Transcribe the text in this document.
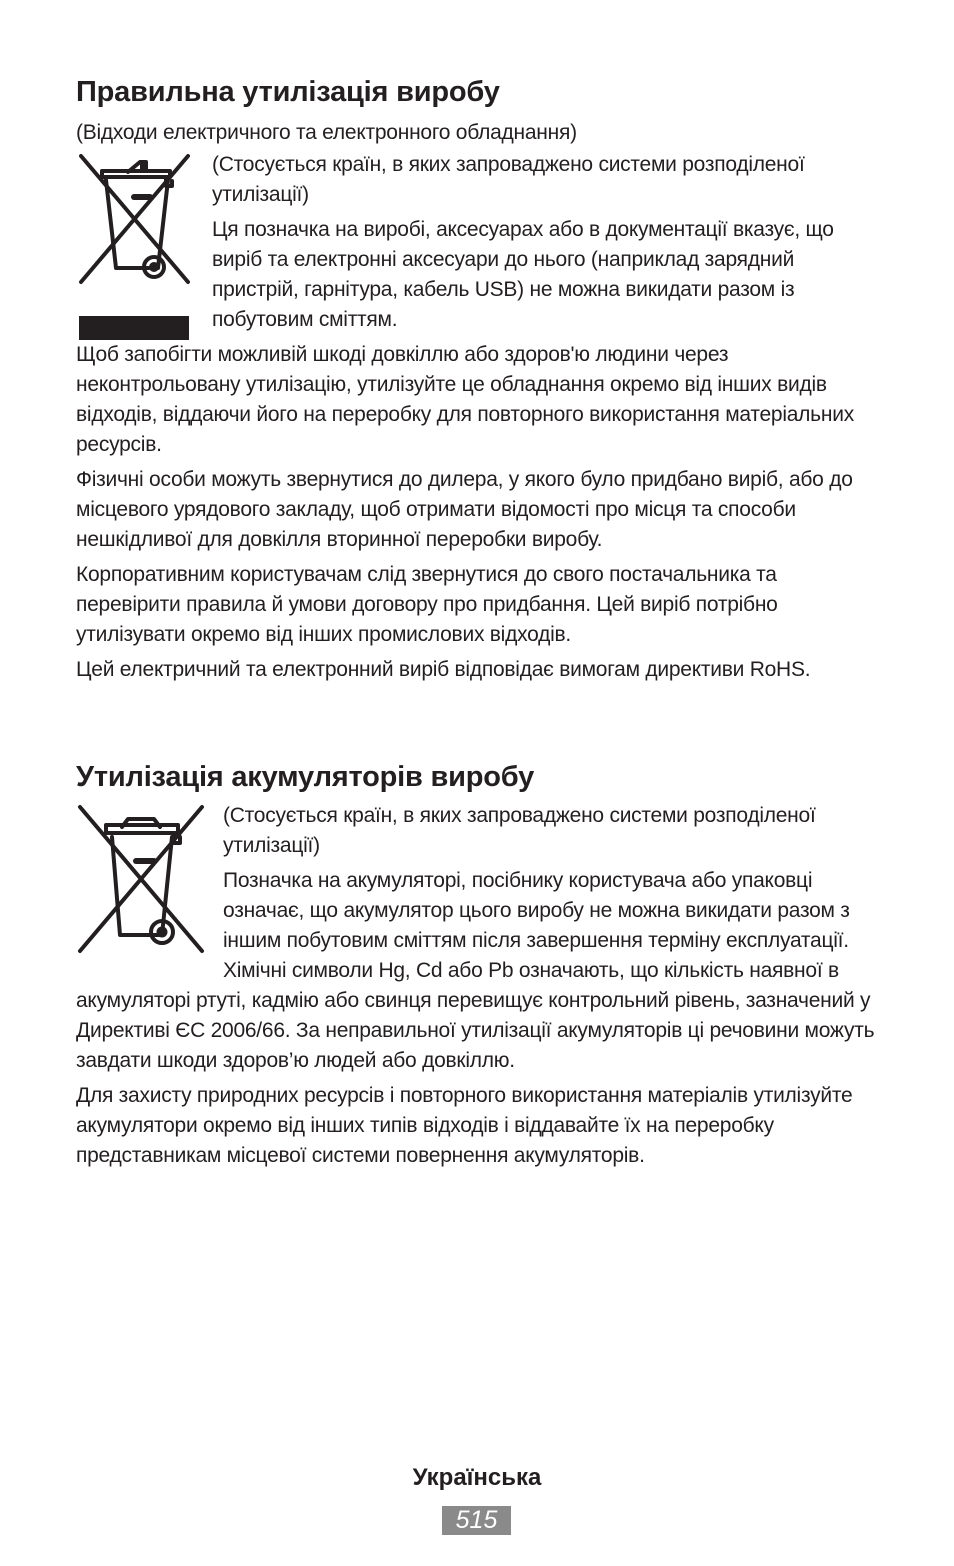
Правильна утилізація виробу

(Відходи електричного та електронного обладнання)

(Стосується країн, в яких запроваджено системи розподіленої утилізації)

Ця позначка на виробі, аксесуарах або в документації вказує, що виріб та електронні аксесуари до нього (наприклад зарядний пристрій, гарнітура, кабель USB) не можна викидати разом із побутовим сміттям.

Щоб запобігти можливій шкоді довкіллю або здоров'ю людини через неконтрольовану утилізацію, утилізуйте це обладнання окремо від інших видів відходів, віддаючи його на переробку для повторного використання матеріальних ресурсів.

Фізичні особи можуть звернутися до дилера, у якого було придбано виріб, або до місцевого урядового закладу, щоб отримати відомості про місця та способи нешкідливої для довкілля вторинної переробки виробу.

Корпоративним користувачам слід звернутися до свого постачальника та перевірити правила й умови договору про придбання. Цей виріб потрібно утилізувати окремо від інших промислових відходів.

Цей електричний та електронний виріб відповідає вимогам директиви RoHS.

Утилізація акумуляторів виробу

(Стосується країн, в яких запроваджено системи розподіленої утилізації)

Позначка на акумуляторі, посібнику користувача або упаковці означає, що акумулятор цього виробу не можна викидати разом з іншим побутовим сміттям після завершення терміну експлуатації. Хімічні символи Hg, Cd або Pb означають, що кількість наявної в акумуляторі ртуті, кадмію або свинця перевищує контрольний рівень, зазначений у Директиві ЄС 2006/66. За неправильної утилізації акумуляторів ці речовини можуть завдати шкоди здоров’ю людей або довкіллю.

Для захисту природних ресурсів і повторного використання матеріалів утилізуйте акумулятори окремо від інших типів відходів і віддавайте їх на переробку представникам місцевої системи повернення акумуляторів.

Українська
515
